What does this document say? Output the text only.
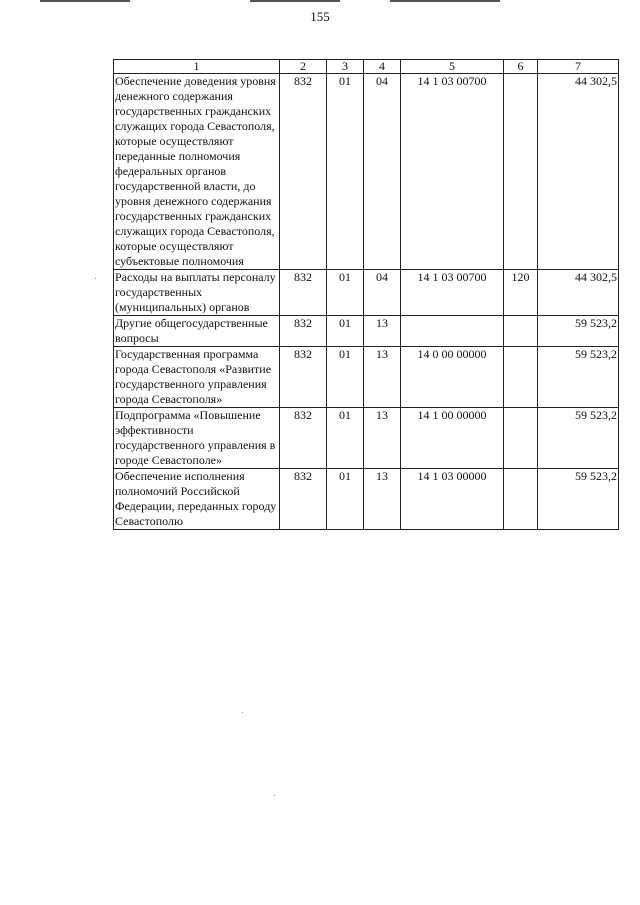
155
1	2	3	4	5	6	7
Обеспечение доведения уровня денежного содержания государственных гражданских служащих города Севастополя, которые осуществляют переданные полномочия федеральных органов государственной власти, до уровня денежного содержания государственных гражданских служащих города Севастополя, которые осуществляют субъектовые полномочия	832	01	04	14 1 03 00700		44 302,5
Расходы на выплаты персоналу государственных (муниципальных) органов	832	01	04	14 1 03 00700	120	44 302,5
Другие общегосударственные вопросы	832	01	13			59 523,2
Государственная программа города Севастополя «Развитие государственного управления города Севастополя»	832	01	13	14 0 00 00000		59 523,2
Подпрограмма «Повышение эффективности государственного управления в городе Севастополе»	832	01	13	14 1 00 00000		59 523,2
Обеспечение исполнения полномочий Российской Федерации, переданных городу Севастополю	832	01	13	14 1 03 00000		59 523,2
